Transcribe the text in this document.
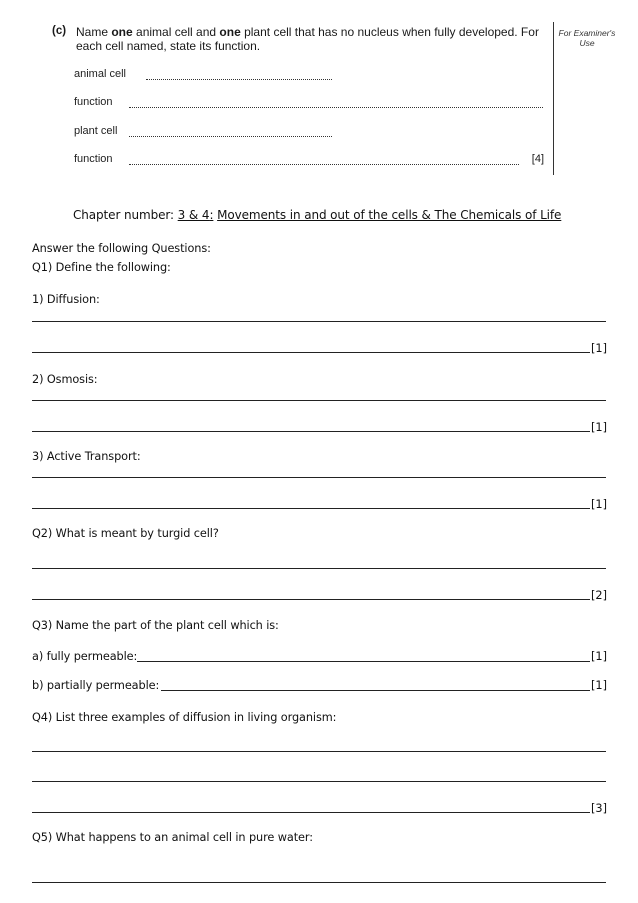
(c) Name one animal cell and one plant cell that has no nucleus when fully developed. For
each cell named, state its function.
animal cell
function
plant cell
function	[4]
For Examiner's Use
Chapter number: 3 & 4: Movements in and out of the cells & The Chemicals of Life
Answer the following Questions:
Q1) Define the following:
1) Diffusion:
[1]
2) Osmosis:
[1]
3) Active Transport:
[1]
Q2) What is meant by turgid cell?
[2]
Q3) Name the part of the plant cell which is:
a) fully permeable:	[1]
b) partially permeable:	[1]
Q4) List three examples of diffusion in living organism:
[3]
Q5) What happens to an animal cell in pure water:
